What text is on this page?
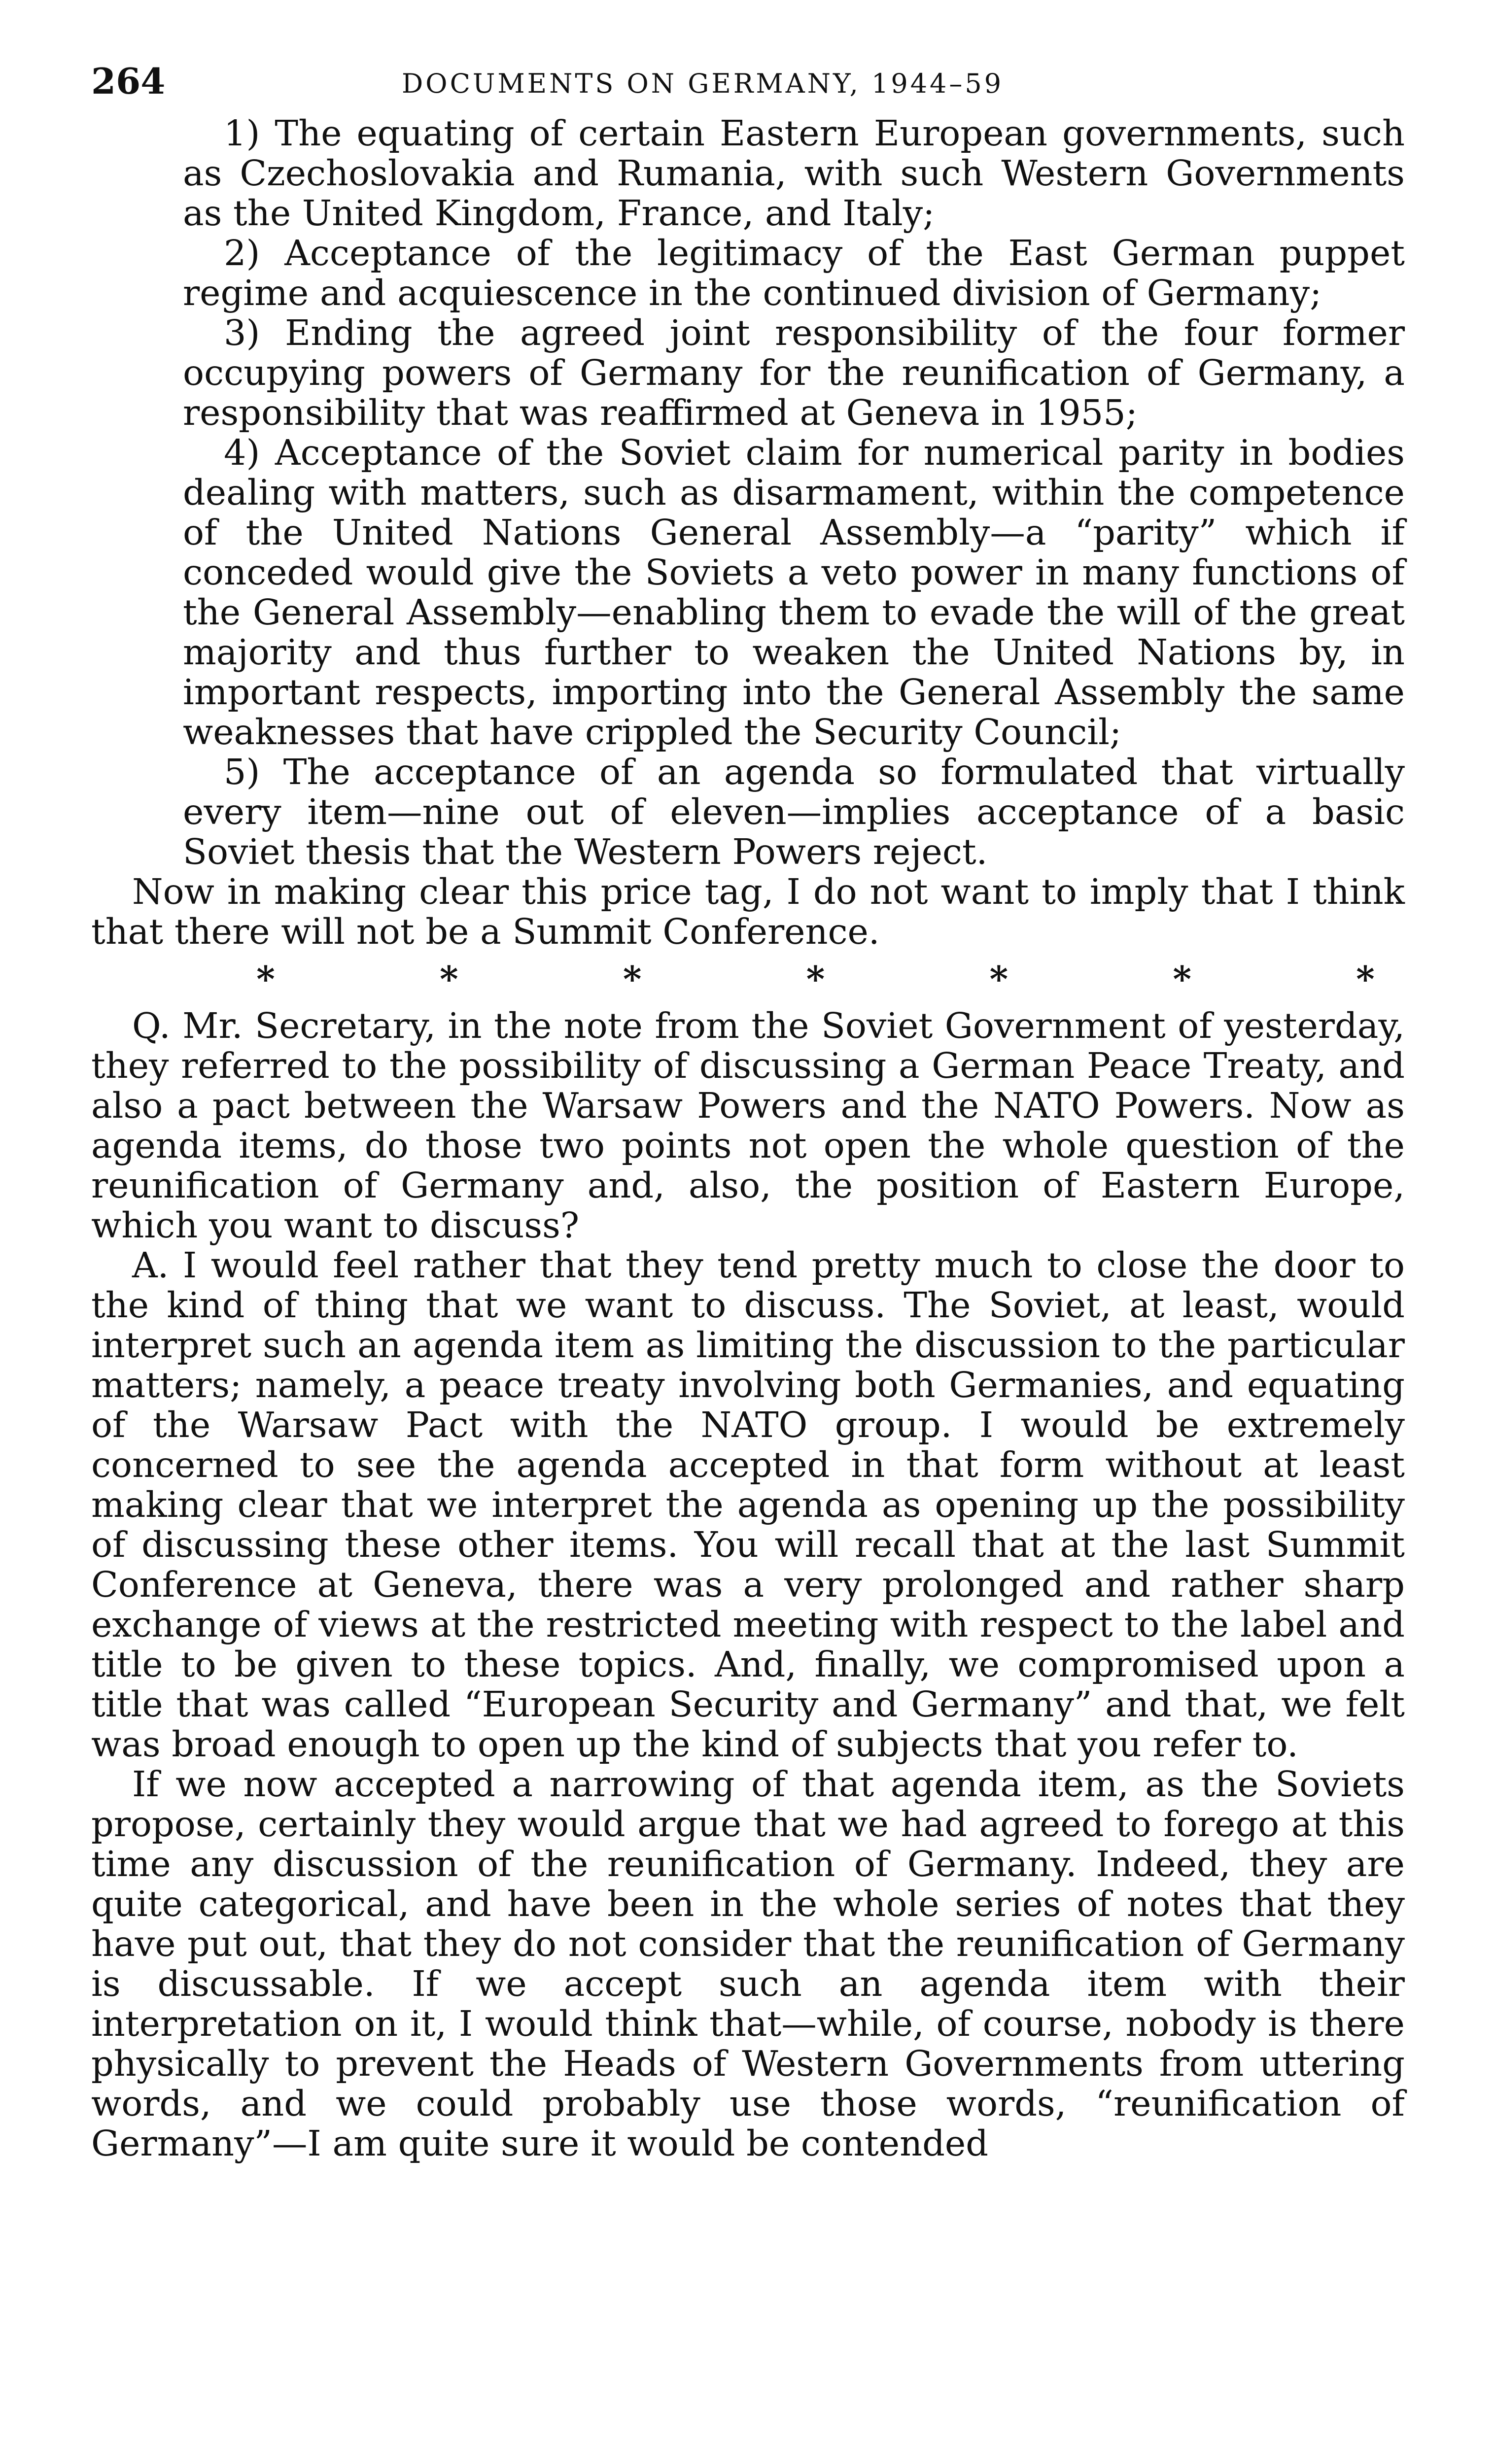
264	DOCUMENTS ON GERMANY, 1944–59

1) The equating of certain Eastern European governments, such as Czechoslovakia and Rumania, with such Western Governments as the United Kingdom, France, and Italy;

2) Acceptance of the legitimacy of the East German puppet regime and acquiescence in the continued division of Germany;

3) Ending the agreed joint responsibility of the four former occupying powers of Germany for the reunification of Germany, a responsibility that was reaffirmed at Geneva in 1955;

4) Acceptance of the Soviet claim for numerical parity in bodies dealing with matters, such as disarmament, within the competence of the United Nations General Assembly—a “parity” which if conceded would give the Soviets a veto power in many functions of the General Assembly—enabling them to evade the will of the great majority and thus further to weaken the United Nations by, in important respects, importing into the General Assembly the same weaknesses that have crippled the Security Council;

5) The acceptance of an agenda so formulated that virtually every item—nine out of eleven—implies acceptance of a basic Soviet thesis that the Western Powers reject.

Now in making clear this price tag, I do not want to imply that I think that there will not be a Summit Conference.

*	*	*	*	*	*	*

Q. Mr. Secretary, in the note from the Soviet Government of yesterday, they referred to the possibility of discussing a German Peace Treaty, and also a pact between the Warsaw Powers and the NATO Powers. Now as agenda items, do those two points not open the whole question of the reunification of Germany and, also, the position of Eastern Europe, which you want to discuss?

A. I would feel rather that they tend pretty much to close the door to the kind of thing that we want to discuss. The Soviet, at least, would interpret such an agenda item as limiting the discussion to the particular matters; namely, a peace treaty involving both Germanies, and equating of the Warsaw Pact with the NATO group. I would be extremely concerned to see the agenda accepted in that form without at least making clear that we interpret the agenda as opening up the possibility of discussing these other items. You will recall that at the last Summit Conference at Geneva, there was a very prolonged and rather sharp exchange of views at the restricted meeting with respect to the label and title to be given to these topics. And, finally, we compromised upon a title that was called “European Security and Germany” and that, we felt was broad enough to open up the kind of subjects that you refer to.

If we now accepted a narrowing of that agenda item, as the Soviets propose, certainly they would argue that we had agreed to forego at this time any discussion of the reunification of Germany. Indeed, they are quite categorical, and have been in the whole series of notes that they have put out, that they do not consider that the reunification of Germany is discussable. If we accept such an agenda item with their interpretation on it, I would think that—while, of course, nobody is there physically to prevent the Heads of Western Governments from uttering words, and we could probably use those words, “reunification of Germany”—I am quite sure it would be contended
